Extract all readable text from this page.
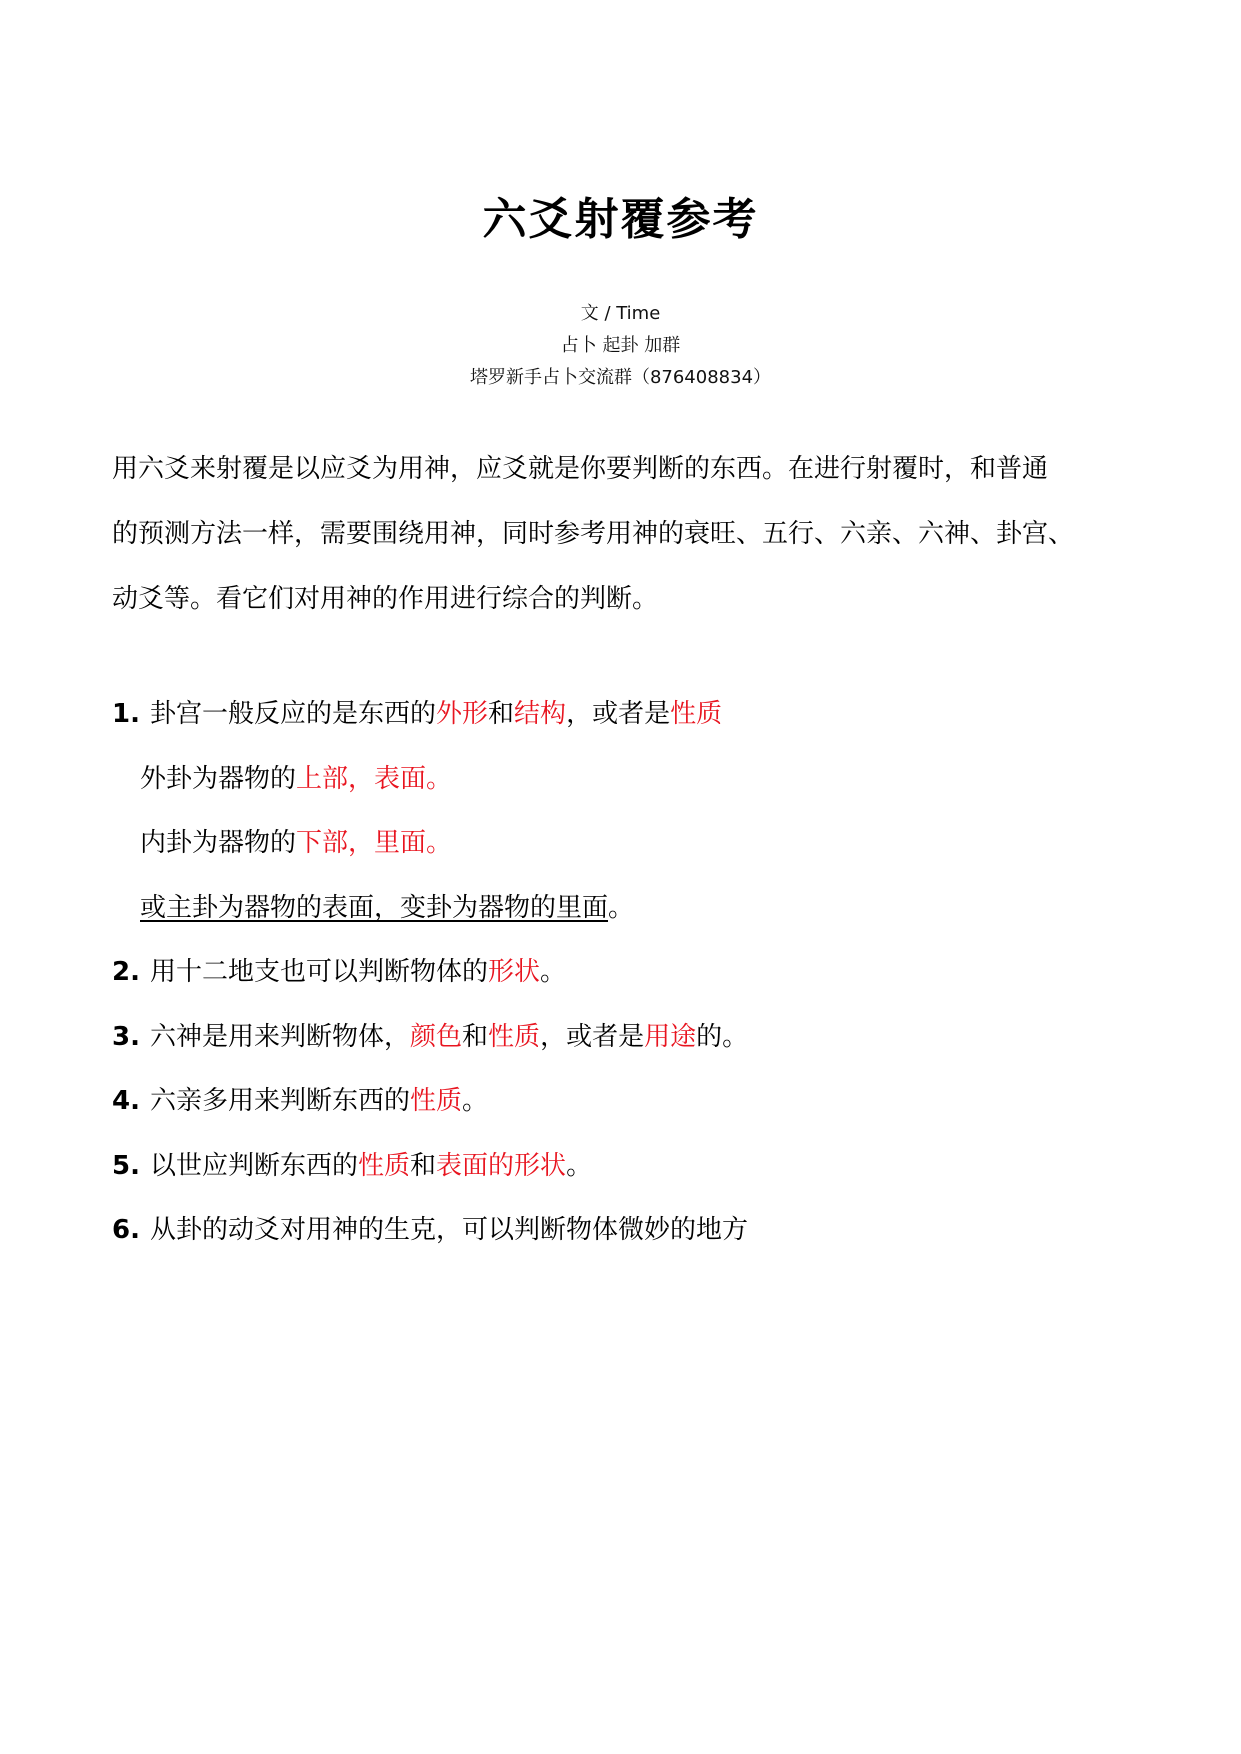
六爻射覆参考
文 / Time
占卜 起卦 加群
塔罗新手占卜交流群（876408834）
用六爻来射覆是以应爻为用神，应爻就是你要判断的东西。在进行射覆时，和普通
的预测方法一样，需要围绕用神，同时参考用神的衰旺、五行、六亲、六神、卦宫、
动爻等。看它们对用神的作用进行综合的判断。
1. 卦宫一般反应的是东西的外形和结构，或者是性质
外卦为器物的上部，表面。
内卦为器物的下部，里面。
或主卦为器物的表面，变卦为器物的里面。
2. 用十二地支也可以判断物体的形状。
3. 六神是用来判断物体，颜色和性质，或者是用途的。
4. 六亲多用来判断东西的性质。
5. 以世应判断东西的性质和表面的形状。
6. 从卦的动爻对用神的生克，可以判断物体微妙的地方
